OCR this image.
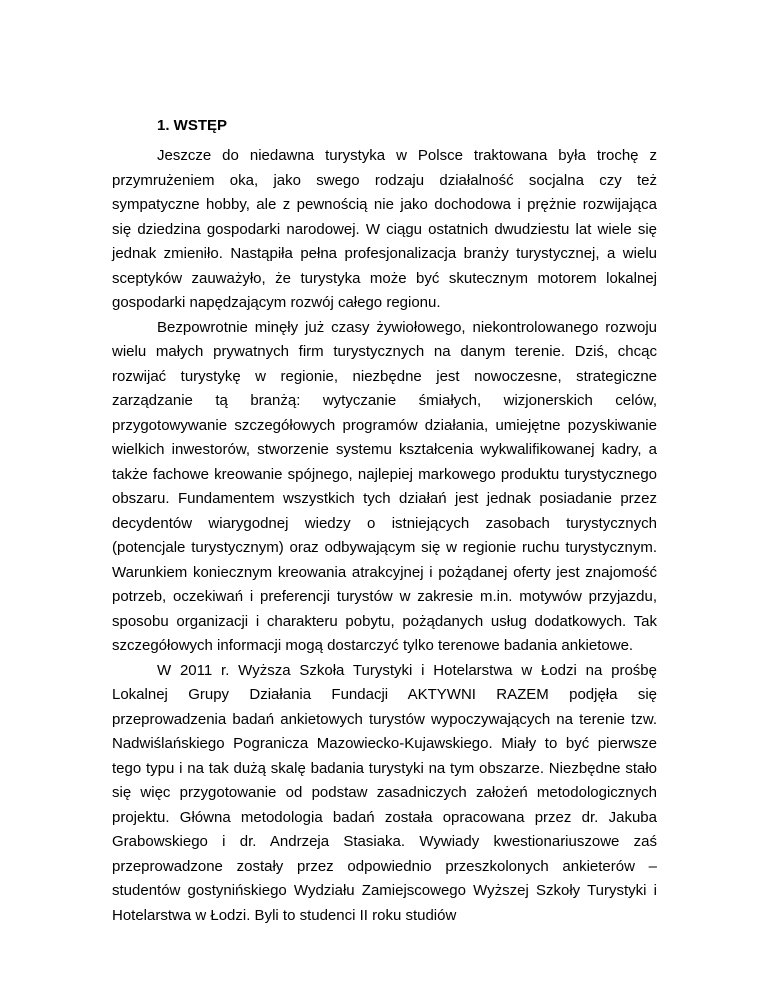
1. WSTĘP

Jeszcze do niedawna turystyka w Polsce traktowana była trochę z przymrużeniem oka, jako swego rodzaju działalność socjalna czy też sympatyczne hobby, ale z pewnością nie jako dochodowa i prężnie rozwijająca się dziedzina gospodarki narodowej. W ciągu ostatnich dwudziestu lat wiele się jednak zmieniło. Nastąpiła pełna profesjonalizacja branży turystycznej, a wielu sceptyków zauważyło, że turystyka może być skutecznym motorem lokalnej gospodarki napędzającym rozwój całego regionu.

Bezpowrotnie minęły już czasy żywiołowego, niekontrolowanego rozwoju wielu małych prywatnych firm turystycznych na danym terenie. Dziś, chcąc rozwijać turystykę w regionie, niezbędne jest nowoczesne, strategiczne zarządzanie tą branżą: wytyczanie śmiałych, wizjonerskich celów, przygotowywanie szczegółowych programów działania, umiejętne pozyskiwanie wielkich inwestorów, stworzenie systemu kształcenia wykwalifikowanej kadry, a także fachowe kreowanie spójnego, najlepiej markowego produktu turystycznego obszaru. Fundamentem wszystkich tych działań jest jednak posiadanie przez decydentów wiarygodnej wiedzy o istniejących zasobach turystycznych (potencjale turystycznym) oraz odbywającym się w regionie ruchu turystycznym. Warunkiem koniecznym kreowania atrakcyjnej i pożądanej oferty jest znajomość potrzeb, oczekiwań i preferencji turystów w zakresie m.in. motywów przyjazdu, sposobu organizacji i charakteru pobytu, pożądanych usług dodatkowych. Tak szczegółowych informacji mogą dostarczyć tylko terenowe badania ankietowe.

W 2011 r. Wyższa Szkoła Turystyki i Hotelarstwa w Łodzi na prośbę Lokalnej Grupy Działania Fundacji AKTYWNI RAZEM podjęła się przeprowadzenia badań ankietowych turystów wypoczywających na terenie tzw. Nadwiślańskiego Pogranicza Mazowiecko-Kujawskiego. Miały to być pierwsze tego typu i na tak dużą skalę badania turystyki na tym obszarze. Niezbędne stało się więc przygotowanie od podstaw zasadniczych założeń metodologicznych projektu. Główna metodologia badań została opracowana przez dr. Jakuba Grabowskiego i dr. Andrzeja Stasiaka. Wywiady kwestionariuszowe zaś przeprowadzone zostały przez odpowiednio przeszkolonych ankieterów – studentów gostynińskiego Wydziału Zamiejscowego Wyższej Szkoły Turystyki i Hotelarstwa w Łodzi. Byli to studenci II roku studiów
